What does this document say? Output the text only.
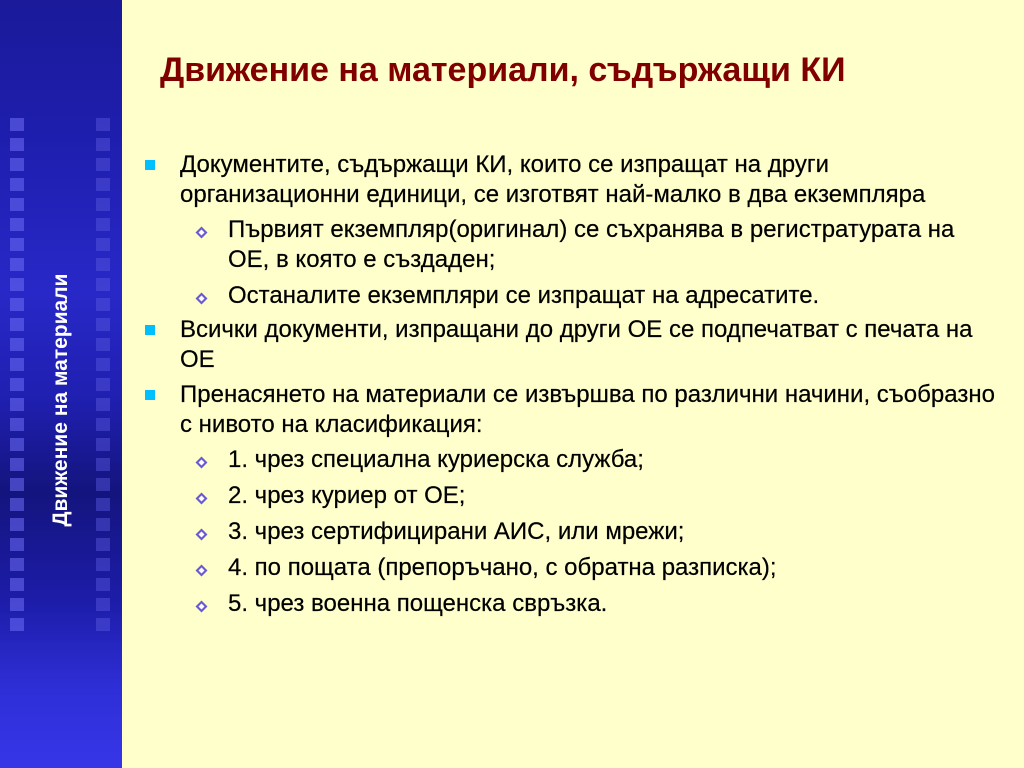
Движение на материали
Движение на материали, съдържащи КИ
Документите, съдържащи КИ, които се изпращат на други организационни единици, се изготвят най-малко в два екземпляра
Първият екземпляр(оригинал) се съхранява в регистратурата на ОЕ, в която е създаден;
Останалите екземпляри се изпращат на адресатите.
Всички документи, изпращани до други ОЕ се подпечатват с печата на ОЕ
Пренасянето на материали се извършва по различни начини, съобразно с нивото на класификация:
1. чрез специална куриерска служба;
2. чрез куриер от ОЕ;
3. чрез сертифицирани АИС, или мрежи;
4. по пощата (препоръчано, с обратна разписка);
5. чрез военна пощенска свръзка.
